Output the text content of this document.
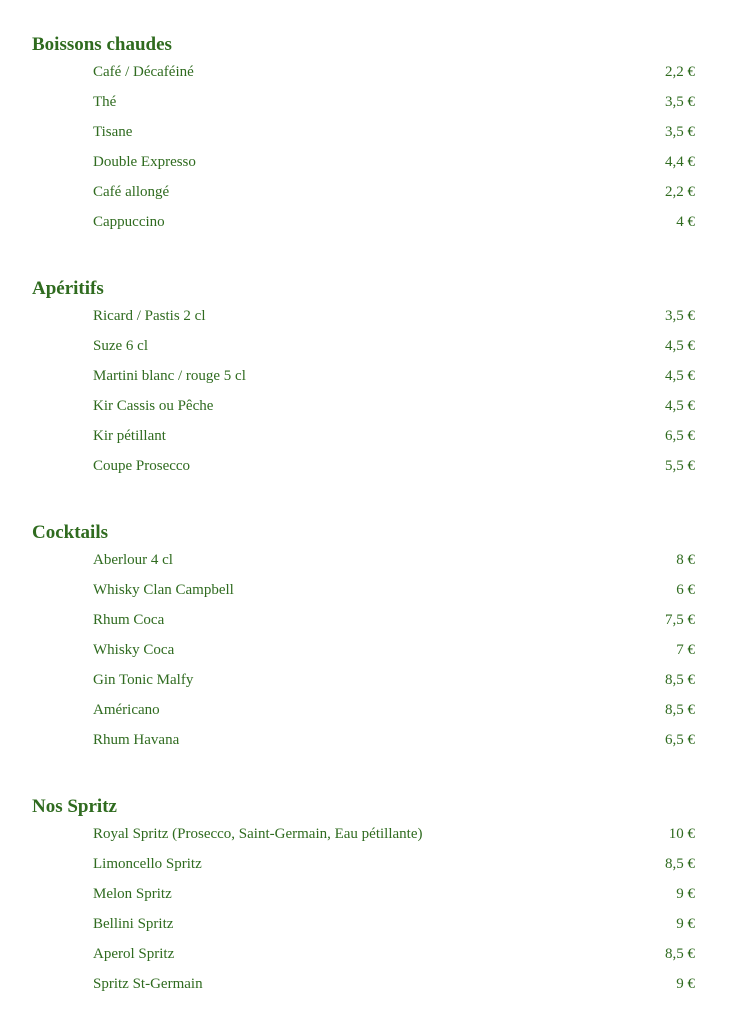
Boissons chaudes
Café / Décaféiné	2,2 €
Thé	3,5 €
Tisane	3,5 €
Double Expresso	4,4 €
Café allongé	2,2 €
Cappuccino	4 €
Apéritifs
Ricard / Pastis 2 cl	3,5 €
Suze 6 cl	4,5 €
Martini blanc / rouge 5 cl	4,5 €
Kir Cassis ou Pêche	4,5 €
Kir pétillant	6,5 €
Coupe Prosecco	5,5 €
Cocktails
Aberlour 4 cl	8 €
Whisky Clan Campbell	6 €
Rhum Coca	7,5 €
Whisky Coca	7 €
Gin Tonic Malfy	8,5 €
Américano	8,5 €
Rhum Havana	6,5 €
Nos Spritz
Royal Spritz (Prosecco, Saint-Germain, Eau pétillante)	10 €
Limoncello Spritz	8,5 €
Melon Spritz	9 €
Bellini Spritz	9 €
Aperol Spritz	8,5 €
Spritz St-Germain	9 €
